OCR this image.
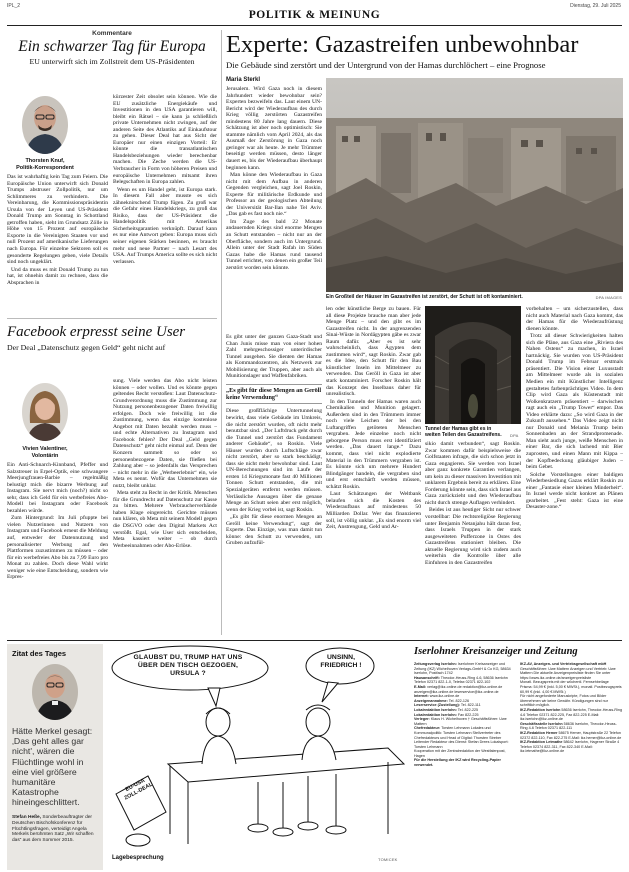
IPL_2
POLITIK & MEINUNG
Dienstag, 29. Juli 2025
Kommentare
Ein schwarzer Tag für Europa
EU unterwirft sich im Zollstreit dem US-Präsidenten
Thorsten Knuf,
Politik-Korrespondent

Das ist wahrhaftig kein Tag zum Feiern. Die Europäische Union unterwirft sich Donald Trumps abstruser Zollpolitik, nur um Schlimmeres zu verhindern. Die Vereinbarung, die Kommissionspräsidentin Ursula von der Leyen und US-Präsident Donald Trump am Sonntag in Schottland getroffen haben, sieht im Grundsatz Zölle in Höhe von 15 Prozent auf europäische Exporte in die Vereinigten Staaten vor und null Prozent auf amerikanische Lieferungen nach Europa. Für einzelne Sektoren soll es gesonderte Regelungen geben, viele Details sind noch ungeklärt.

Und da muss es mit Donald Trump zu tun hat, ist ohnehin damit zu rechnen, dass die Absprachen in

kürzester Zeit obsolet sein können. Wie die EU zusätzliche Energiekäufe und Investitionen in den USA garantieren will, bleibt ein Rätsel – sie kann ja schließlich private Unternehmen nicht zwingen, auf der anderen Seite des Atlantiks auf Einkaufstour zu gehen. Dieser Deal hat aus Sicht der Europäer nur einen einzigen Vorteil: Er könnte die transatlantischen Handelsbeziehungen wieder berechenbar machen. Die Zeche werden die US-Verbraucher in Form von höheren Preisen und europäische Unternehmen mitsamt ihren Belegschaften in Europa zahlen.

Wenn es um Handel geht, ist Europa stark. In diesem Fall aber musste es sich zähneknirschend Trump fügen. Zu groß war die Gefahr eines Handelskriegs, zu groß das Risiko, dass der US-Präsident die Handelspolitik mit Amerikas Sicherheitsgarantien verknüpft. Darauf kann es nur eine Antwort geben: Europa muss sich seiner eigenen Stärken besinnen, es braucht mehr und neue Partner – nach Lesart des USA. Auf Trumps America sollte es sich nicht verlassen.

Facebook erpresst seine User
Der Deal „Datenschutz gegen Geld“ geht nicht auf
Vivien Valentiner,
Volontärin

Ein Anti-Schnarch-Kinnband, Pfeffer und Salzstreuer in Erpel-Optik, eine schwangere Meerjungfrauen-Barbie – regelmäßig belustigt mich die bizarre Werbung auf Instagram. Sie nervt mich (noch?) nicht so sehr, dass ich Geld für ein werbefreies Abo-Modell bei Instagram oder Facebook bezahlen würde.

Zum Hintergrund: Im Juli pfuppte bei vielen Nutzerinnen und Nutzern von Instagram und Facebook erneut die Meldung auf, entweder der Datennutzung und personalisierter Werbung auf den Plattformen zuzustimmen zu müssen – oder für ein werbefreies Abo bis zu 7,99 Euro pro Monat zu zahlen. Doch diese Wahl wirkt weniger wie eine Entscheidung, sondern wie Erpres-

sung. Viele werden das Abo nicht leisten können – oder wollen. Und es könnte gegen geltendes Recht verstoßen: Laut Datenschutz-Grundverordnung muss die Zustimmung zur Nutzung personenbezogener Daten freiwillig erfolgen. Doch wie freiwillig ist die Zustimmung, wenn das einzige kostenlose Angebot mit Daten bezahlt werden muss – und echte Alternativen zu Instagram und Facebook fehlen? Der Deal „Geld gegen Datenschutz“ geht nicht einmal auf. Denn der Konzern sammelt so oder so personenbezogene Daten, sie fließen bei Zahlung aber – so jedenfalls das Versprechen – nicht mehr in die „Werbeerlebnis“ ein, wie Meta es nennt. Wofür das Unternehmen sie nutzt, bleibt unklar.

Meta steht zu Recht in der Kritik. Menschen für die Grundrecht auf Datenschutz zur Kasse zu bitten. Mehrere Verbraucherverbände haben Klage eingereicht. Gerichte müssen nun klären, ob Meta mit seinem Modell gegen die DSGVO oder den Digital Markets Act verstößt. Egal, wie User sich entscheiden, Meta kassiert weiter – ob durch Werbeeinnahmen oder Abo-Erlöse.

Experte: Gazastreifen unbewohnbar
Die Gebäude sind zerstört und der Untergrund von der Hamas durchlöchert – eine Prognose
Maria Sterkl

Jerusalem. Wird Gaza noch in diesem Jahrhundert wieder bewohnbar sein? Experten bezweifeln das. Laut einem UN-Bericht wird der Wiederaufbau des durch Krieg völlig zerstörten Gazastreifen mindestens 80 Jahre lang dauern. Diese Schätzung ist aber noch optimistisch: Sie stammte nämlich vom April 2024, als das Ausmaß der Zerstörung in Gaza noch geringer war als heute. Je mehr Trümmer beseitigt werden müssen, desto länger dauert es, bis der Wiederaufbau überhaupt beginnen kann.

Man könne den Wiederaufbau in Gaza nicht mit dem Aufbau in anderen Gegenden vergleichen, sagt Joel Roskin, Experte für militärische Erdkunde und Professor an der geologischen Abteilung der Universität Bar-Ilan nahe Tel Aviv. „Das gab es fast noch nie.“

Im Zuge des bald 22 Monate andauernden Kriegs sind enorme Mengen an Schutt entstanden – nicht nur an der Oberfläche, sondern auch im Untergrund. Allein unter der Stadt Rafah im Süden Gazas habe die Hamas rund tausend Tunnel errichtet, von denen ein großer Teil zerstört worden sein könnte.

Ein Großteil der Häuser im Gazastreifen ist zerstört, der Schutt ist oft kontaminiert.	DPA IMAGES

Es gibt unter der ganzen Gaza-Stadt und Chan Junis misse man von einer hohen Zahl mehrgeschossiger unterirdischer Tunnel ausgehen. Sie dienten der Hamas als Kommandozentren, als Netzwerk zur Mobilisierung der Truppen, aber auch als Munitionslager und Waffenfabriken.

„Es gibt für diese Mengen an Geröll keine Verwendung“

Diese großflächige Untertunnelung bewirkt, dass viele Gebäude im Umkreis, die nicht zerstört wurden, oft nicht mehr benutzbar sind. „Der Luftdruck geht durch die Tunnel und zerstört das Fundament anderer Gebäude“, so Roskin. Viele Häuser wurden durch Luftschläge zwar nicht zerstört, aber so stark beschädigt, dass sie nicht mehr bewohnbar sind. Laut UN-Berechnungen sind im Laufe der ersten 14 Kriegsmonate fast 40 Millionen Tonnen Schutt entstanden, die mit Spezialgeräten entfernt werden müssen. Verlässliche Aussagen über die genaue Menge an Schutt seien aber erst möglich, wenn der Krieg vorbei ist, sagt Roskin.

„Es gibt für diese enormen Mengen an Geröll keine Verwendung“, sagt der Experte. Das Einzige, was man damit tun könne: den Schutt zu verwenden, um Gruben aufzufül-

len oder künstliche Berge zu bauen. Für all diese Projekte brauche man aber jede Menge Platz – und den gibt es im Gazastreifen nicht. In der angrenzenden Sinai-Wüste in Nordägypten gäbe es zwar Raum dafür. „Aber es ist sehr wahrscheinlich, dass Ägypten dem zustimmen wird“, sagt Roskin. Zwar gab es die Idee, den Schutt für den Bau künstlicher Inseln im Mittelmeer zu verwenden. Das Geröll in Gaza ist aber stark kontaminiert. Forscher Roskin hält das Konzept des Inselbaus daher für unrealistisch.

In den Tunneln der Hamas waren auch Chemikalien und Munition gelagert. Außerdem sind in den Trümmern immer noch viele Leichen der bei den Luftangriffen getöteten Menschen vergraben. Jede einzelne noch nicht geborgene Person muss erst identifiziert werden. „Das dauert lange.“ Dazu kommt, dass viel nicht explodierte Material in den Trümmern vergraben ist. Es könnte sich um mehrere Hundert Blindgänger handeln, die vergraben sind und erst entschärft werden müssen, schätzt Roskin.

Laut Schätzungen der Weltbank belaufen sich die Kosten des Wiederaufbaus auf mindestens 50 Milliarden Dollar. Wer das finanzieren soll, ist völlig unklar. „Es sind enorm viel Zeit, Anstrengung, Geld und Ar-

Tunnel der Hamas gibt es in weiten Teilen des Gazastreifens.	DPA

sikio damit verbunden“, sagt Roskin. Zwar kommen dafür beispielsweise die Golfstaaten infrage, die sich schon jetzt in Gaza engagieren. Sie werden von Israel aber ganz konkrete Garantien verlangen, um kein zu dieser massiven Investition mit unklarem Ergebnis bereit zu erklären. Eine Forderung könnte sein, dass sich Israel aus Gaza zurückzieht und den Wiederaufbau nicht durch strenge Auflagen verhindert.

Beides ist aus heutiger Sicht nur schwer vorstellbar: Die rechtsreligiöse Regierung unter Benjamin Netanjahu hält daran fest, dass Israels Truppen in der stark ausgeweiteten Pufferzone in Ostes des Gazastreifens stationiert bleiben. Die aktuelle Regierung wird sich zudem auch weiterhin die Kontrolle über alle Einfuhren in den Gazastreifen

vorbehalten – um sicherzustellen, dass nicht auch Material nach Gaza kommt, das der Hamas für die Wiederaufrüstung dienen könnte.

Trotz all dieser Schwierigkeiten halten sich die Pläne, aus Gaza eine „Riviera des Nahen Ostens“ zu machen, in Israel hartnäckig. Sie wurden von US-Präsident Donald Trump im Februar erstmals präsentiert. Die Vision einer Luxusstadt am Mittelmeer wurde als in sozialen Medien ein mit Künstlicher Intelligenz gestaltetes farbenprächtiges Video. In dem Clip wird Gaza als Küstenstadt mit Wolkenkratzern präsentiert – darwischen ragt auch ein „Trump Tower“ empor. Das Video erklärte dazu: „So wird Gaza in der Zukunft aussehen.“ Das Video zeigt nicht nur Donald und Melania Trump beim Sonnenbaden an der Strandpromenade. Man sieht auch junge, weiße Menschen in einer Bar, die sich lachend mit Bier zuprosten, und einen Mann mit Kippa – der Kopfbedeckung gläubiger Juden – beim Gebet.

Solche Vorstellungen einer baldigen Wiederbesiedlung Gazas erklärt Roskin zu einer „Fantasie einer kleinen Minderheit“. In Israel werde nicht konkret an Plänen gearbeitet. „Fest steht: Gaza ist eine Desaster-zone.“

Zitat des Tages
Hätte Merkel gesagt: ‚Das geht alles gar nicht', wären die Flüchtlinge wohl in eine viel größere humanitäre Katastrophe hineingeschlittert.
Stefan Heße, Sonderbeauftragter der Deutschen Bischofskonferenz für Flüchtlingsfragen, verteidigt Angela Merkels berühmten Satz „Wir schaffen das“ aus dem Sommer 2015.
GLAUBST DU, TRUMP HAT UNS ÜBER DEN TISCH GEZOGEN, URSULA ?
UNSINN, FRIEDRICH !
EU-USA ZOLL-DEAL
Lagebesprechung	TOMICEK
Iserlohner Kreisanzeiger und Zeitung
Zeitungsverlag Iserlohn: Iserlohner Kreisanzeiger und Zeitung (IKZ) Wichelhoven Verlags-GmbH & Co KG, 58634 Iserlohn, Postfach 1742
Hausanschrift: Theodor-Heuss-Ring 4-6, 58636 Iserlohn Telefon 02371 822-1-0, Telefax 02371 822-102
E-Mail: verlag@ikz-online.de redaktion@ikz-online.de anzeigen@ikz-online.de leserservice@ikz-online.de
Internet: www.ikz-online.de
Anzeigenannahme: Tel. 822-126
Leserservice (Zustellung): Tel. 822-111
Lokalredaktion Iserlohn: Tel. 822-225
Lokalredaktion Iserlohn: Fax 822-225
Verleger: Klaus H. Wichelhoven † Geschäftsführer: Uwe Mattern
Chefredakteur: Torsten Lehmann Lokales und Kommunalpolitik: Torsten Lehmann Stellvertreter des Chefredakteurs und Head of Digital: Thorsten Streber
Leitender Redakteur des Dienst: Stefan Drees Lokalsport: Torsten Lehmann
Kooperation mit der Zentralredaktion der Westfalenpost, Hagen
Für die Herstellung der IKZ wird Recycling-Papier verwendet.
IKZ-AV, Anzeigen- und Vertriebsgesellschaft mbH Geschäftsführer: Uwe Mattern Anzeigen und Vertrieb: Uwe Mattern Die aktuelle Anzeigenpreisliste finden Sie unter https://www.ikz-online.de/anzeigenpreisliste
Monatl. Bezugspreis mit der wöchentl. Fernsehbeilage Prisma: 54,99 € (inkl. 5,00 € MWSt.), monatl. Postbezugspreis 60,99 € (inkl. 4,00 € MWSt.)
Für nicht angeforderte Manuskripte, Fotos und Bilder übernehmen wir keine Gewähr. Kündigungen sind nur schriftlich möglich.
IKZ-Redaktion Iserlohn 58636 Iserlohn, Theodor-Heuss-Ring 4-6 Telefon 02371 822-225, Fax 822-225 E-Mail: ikz.iserlohn@ikz-online.de
Geschäftsstelle Iserlohn 58636 Iserlohn, Theodor-Heuss-Ring 4-6 Telefon 02371 822-111
IKZ-Redaktion Hemer 58675 Hemer, Hauptstraße 22 Telefon 02372 822-110, Fax 822-275 E-Mail: ikz.hemer@ikz-online.de
IKZ-Redaktion Letmathe 58642 Iserlohn, Hagener Straße 4 Telefon 02374 822-311, Fax 822-340 E-Mail: ikz.letmathe@ikz-online.de
